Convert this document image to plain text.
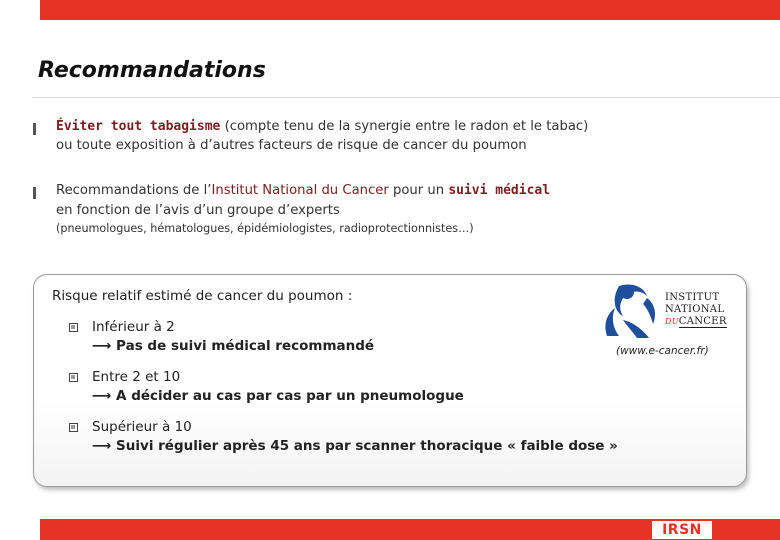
Recommandations
Éviter tout tabagisme (compte tenu de la synergie entre le radon et le tabac)
ou toute exposition à d’autres facteurs de risque de cancer du poumon
Recommandations de l’Institut National du Cancer pour un suivi médical
en fonction de l’avis d’un groupe d’experts
(pneumologues, hématologues, épidémiologistes, radioprotectionnistes…)
Risque relatif estimé de cancer du poumon :
Inférieur à 2
⟶ Pas de suivi médical recommandé
Entre 2 et 10
⟶ A décider au cas par cas par un pneumologue
Supérieur à 10
⟶ Suivi régulier après 45 ans par scanner thoracique « faible dose »
INSTITUT
NATIONAL
DUCANCER
(www.e-cancer.fr)
IRSN
